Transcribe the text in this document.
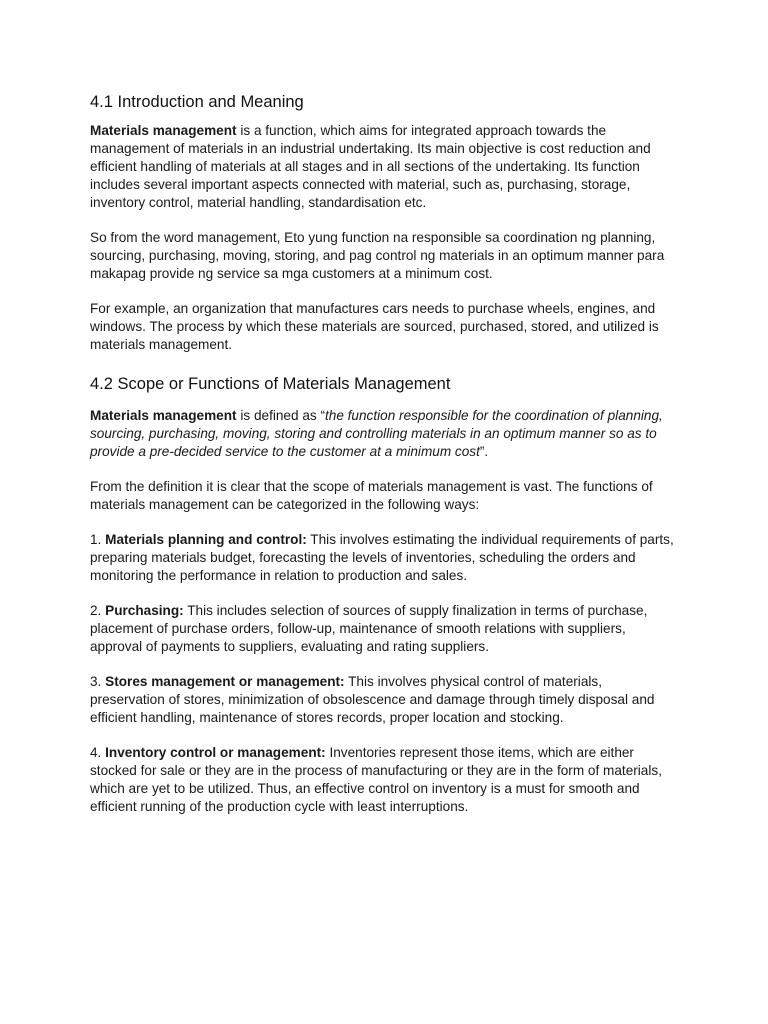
4.1 Introduction and Meaning

Materials management is a function, which aims for integrated approach towards the management of materials in an industrial undertaking. Its main objective is cost reduction and efficient handling of materials at all stages and in all sections of the undertaking. Its function includes several important aspects connected with material, such as, purchasing, storage, inventory control, material handling, standardisation etc.

So from the word management, Eto yung function na responsible sa coordination ng planning, sourcing, purchasing, moving, storing, and pag control ng materials in an optimum manner para makapag provide ng service sa mga customers at a minimum cost.

For example, an organization that manufactures cars needs to purchase wheels, engines, and windows. The process by which these materials are sourced, purchased, stored, and utilized is materials management.

4.2 Scope or Functions of Materials Management

Materials management is defined as “the function responsible for the coordination of planning, sourcing, purchasing, moving, storing and controlling materials in an optimum manner so as to provide a pre-decided service to the customer at a minimum cost”.

From the definition it is clear that the scope of materials management is vast. The functions of materials management can be categorized in the following ways:

1. Materials planning and control: This involves estimating the individual requirements of parts, preparing materials budget, forecasting the levels of inventories, scheduling the orders and monitoring the performance in relation to production and sales.

2. Purchasing: This includes selection of sources of supply finalization in terms of purchase, placement of purchase orders, follow-up, maintenance of smooth relations with suppliers, approval of payments to suppliers, evaluating and rating suppliers.

3. Stores management or management: This involves physical control of materials, preservation of stores, minimization of obsolescence and damage through timely disposal and efficient handling, maintenance of stores records, proper location and stocking.

4. Inventory control or management: Inventories represent those items, which are either stocked for sale or they are in the process of manufacturing or they are in the form of materials, which are yet to be utilized. Thus, an effective control on inventory is a must for smooth and efficient running of the production cycle with least interruptions.
